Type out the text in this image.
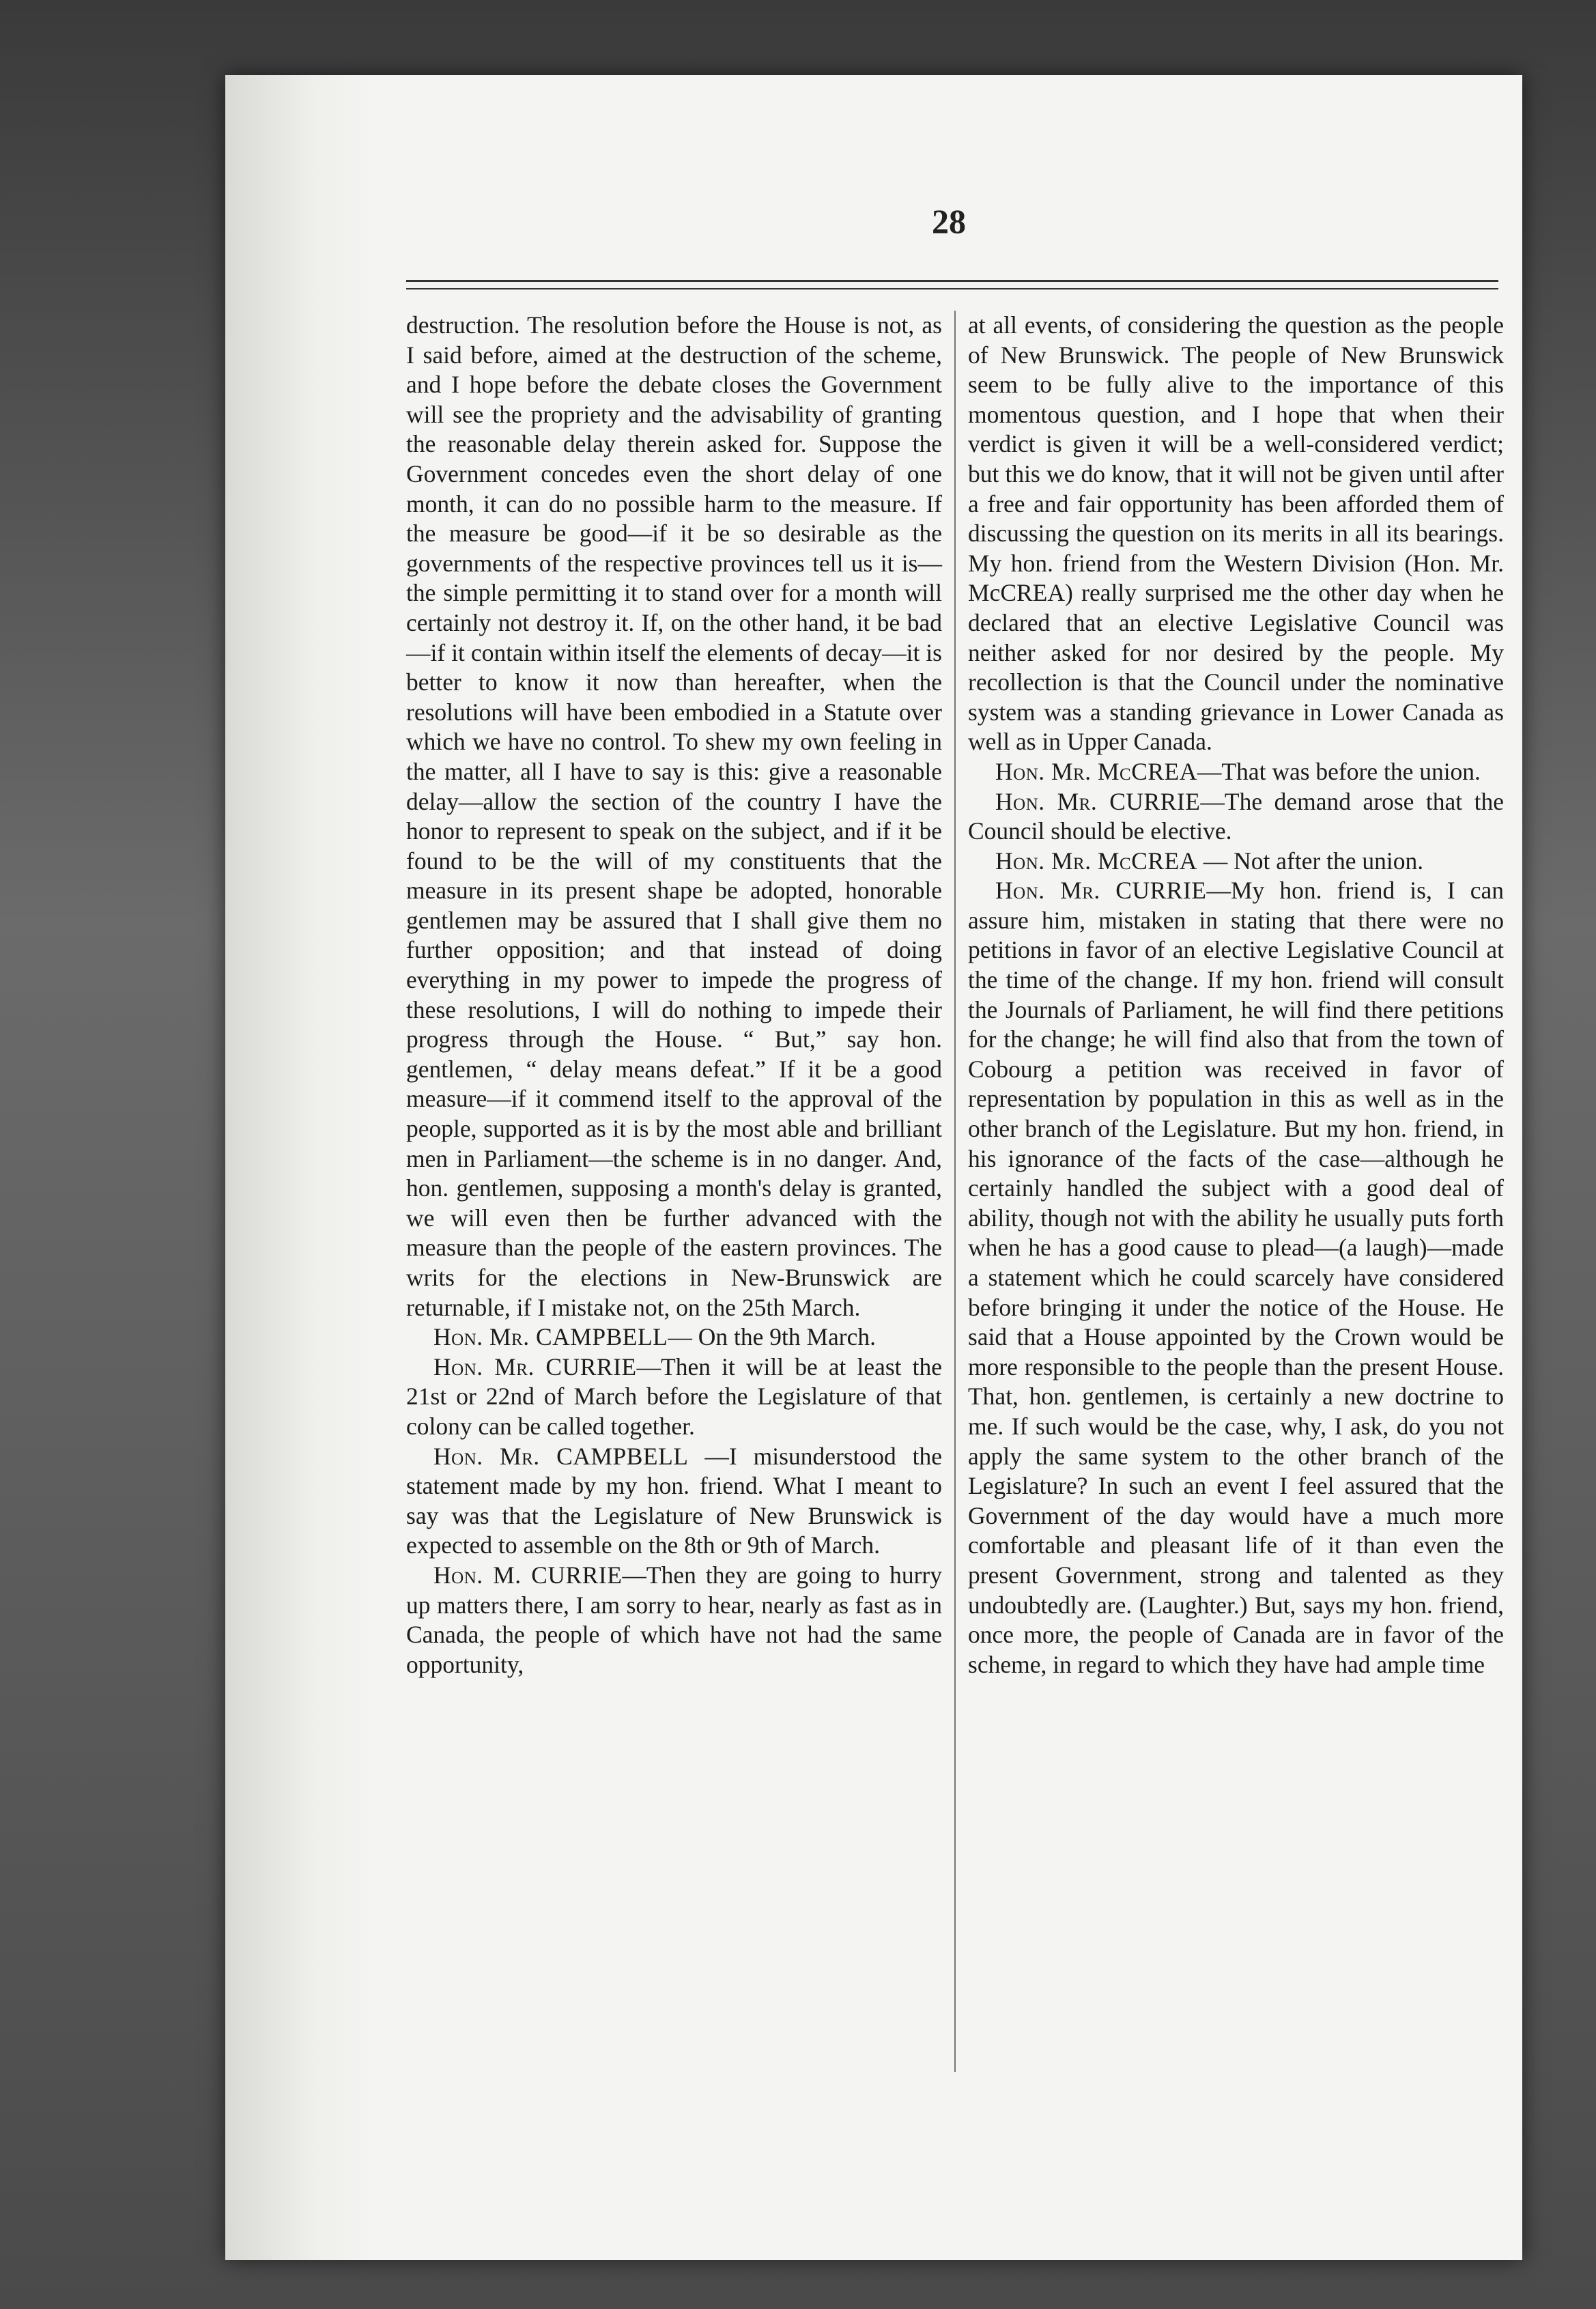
28

destruction. The resolution before the House is not, as I said before, aimed at the destruction of the scheme, and I hope before the debate closes the Government will see the propriety and the advisability of granting the reasonable delay therein asked for. Suppose the Government concedes even the short delay of one month, it can do no possible harm to the measure. If the measure be good—if it be so desirable as the governments of the respective provinces tell us it is—the simple permitting it to stand over for a month will certainly not destroy it. If, on the other hand, it be bad—if it contain within itself the elements of decay—it is better to know it now than hereafter, when the resolutions will have been embodied in a Statute over which we have no control. To shew my own feeling in the matter, all I have to say is this: give a reasonable delay—allow the section of the country I have the honor to represent to speak on the subject, and if it be found to be the will of my constituents that the measure in its present shape be adopted, honorable gentlemen may be assured that I shall give them no further opposition; and that instead of doing everything in my power to impede the progress of these resolutions, I will do nothing to impede their progress through the House. “ But,” say hon. gentlemen, “ delay means defeat.” If it be a good measure—if it commend itself to the approval of the people, supported as it is by the most able and brilliant men in Parliament—the scheme is in no danger. And, hon. gentlemen, supposing a month's delay is granted, we will even then be further advanced with the measure than the people of the eastern provinces. The writs for the elections in New-Brunswick are returnable, if I mistake not, on the 25th March.

Hon. Mr. CAMPBELL— On the 9th March.

Hon. Mr. CURRIE—Then it will be at least the 21st or 22nd of March before the Legislature of that colony can be called together.

Hon. Mr. CAMPBELL —I misunderstood the statement made by my hon. friend. What I meant to say was that the Legislature of New Brunswick is expected to assemble on the 8th or 9th of March.

Hon. M. CURRIE—Then they are going to hurry up matters there, I am sorry to hear, nearly as fast as in Canada, the people of which have not had the same opportunity,

at all events, of considering the question as the people of New Brunswick. The people of New Brunswick seem to be fully alive to the importance of this momentous question, and I hope that when their verdict is given it will be a well-considered verdict; but this we do know, that it will not be given until after a free and fair opportunity has been afforded them of discussing the question on its merits in all its bearings. My hon. friend from the Western Division (Hon. Mr. McCREA) really surprised me the other day when he declared that an elective Legislative Council was neither asked for nor desired by the people. My recollection is that the Council under the nominative system was a standing grievance in Lower Canada as well as in Upper Canada.

Hon. Mr. McCREA—That was before the union.

Hon. Mr. CURRIE—The demand arose that the Council should be elective.

Hon. Mr. McCREA — Not after the union.

Hon. Mr. CURRIE—My hon. friend is, I can assure him, mistaken in stating that there were no petitions in favor of an elective Legislative Council at the time of the change. If my hon. friend will consult the Journals of Parliament, he will find there petitions for the change; he will find also that from the town of Cobourg a petition was received in favor of representation by population in this as well as in the other branch of the Legislature. But my hon. friend, in his ignorance of the facts of the case—although he certainly handled the subject with a good deal of ability, though not with the ability he usually puts forth when he has a good cause to plead—(a laugh)—made a statement which he could scarcely have considered before bringing it under the notice of the House. He said that a House appointed by the Crown would be more responsible to the people than the present House. That, hon. gentlemen, is certainly a new doctrine to me. If such would be the case, why, I ask, do you not apply the same system to the other branch of the Legislature? In such an event I feel assured that the Government of the day would have a much more comfortable and pleasant life of it than even the present Government, strong and talented as they undoubtedly are. (Laughter.) But, says my hon. friend, once more, the people of Canada are in favor of the scheme, in regard to which they have had ample time
